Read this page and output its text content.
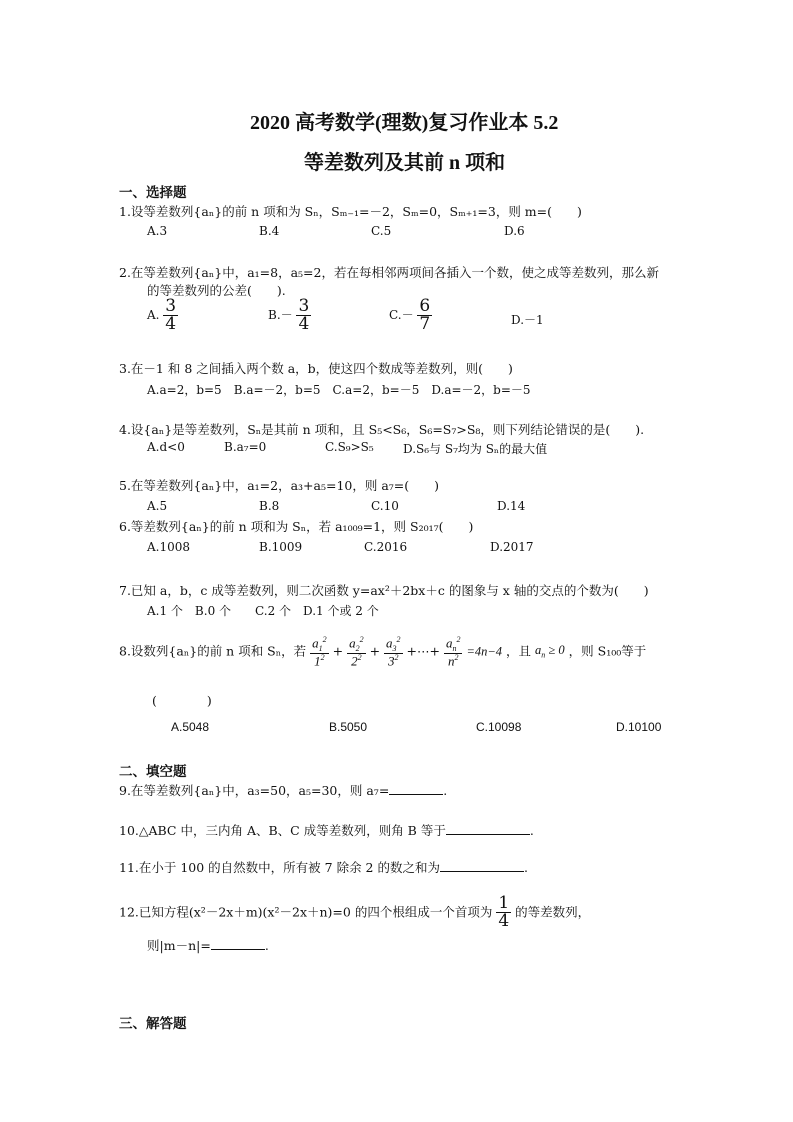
2020 高考数学(理数)复习作业本 5.2
等差数列及其前 n 项和
一、选择题
1.设等差数列{aₙ}的前 n 项和为 Sₙ，Sₘ₋₁=－2，Sₘ=0，Sₘ₊₁=3，则 m=(　　)
A.3	B.4	C.5	D.6
2.在等差数列{aₙ}中，a₁=8，a₅=2，若在每相邻两项间各插入一个数，使之成等差数列，那么新
的等差数列的公差(　　).
A. $\frac{3}{4}$	$B.- \frac{3}{4}$	$C.- \frac{6}{7}$	D.－1
3.在－1 和 8 之间插入两个数 a，b，使这四个数成等差数列，则(　　)
A.a=2，b=5　B.a=－2，b=5　C.a=2，b=－5　D.a=－2，b=－5
4.设{aₙ}是等差数列，Sₙ是其前 n 项和，且 S₅<S₆，S₆=S₇>S₈，则下列结论错误的是(　　).
A.d<0	B.a₇=0	C.S₉>S₅ D.S₆与 S₇均为 Sₙ的最大值
5.在等差数列{aₙ}中，a₁=2，a₃+a₅=10，则 a₇=(　　)
A.5	B.8	C.10	D.14
6.等差数列{aₙ}的前 n 项和为 Sₙ，若 a₁₀₀₉=1，则 S₂₀₁₇(　　)
A.1008	B.1009	C.2016	D.2017
7.已知 a，b，c 成等差数列，则二次函数 y=ax²＋2bx＋c 的图象与 x 轴的交点的个数为(　　)
A.1 个　B.0 个　　C.2 个　D.1 个或 2 个
8.设数列{aₙ}的前 n 项和 Sₙ，若 $\frac{a_1^2}{1^2} + \frac{a_2^2}{2^2} + \frac{a_3^2}{3^2}$ +⋯+ $\frac{a_n^2}{n^2} =4n-4$ ，且 $a_n \ge 0$ ，则 S₁₀₀等于
(　　　　)
A.5048	B.5050	C.10098	D.10100
二、填空题
9.在等差数列{aₙ}中，a₃=50，a₅=30，则 a₇=	.
10.△ABC 中，三内角 A、B、C 成等差数列，则角 B 等于	.
11.在小于 100 的自然数中，所有被 7 除余 2 的数之和为	.
12.已知方程(x²－2x＋m)(x²－2x＋n)=0 的四个根组成一个首项为 $\frac{1}{4}$ 的等差数列，
则|m－n|=	.
三、解答题
